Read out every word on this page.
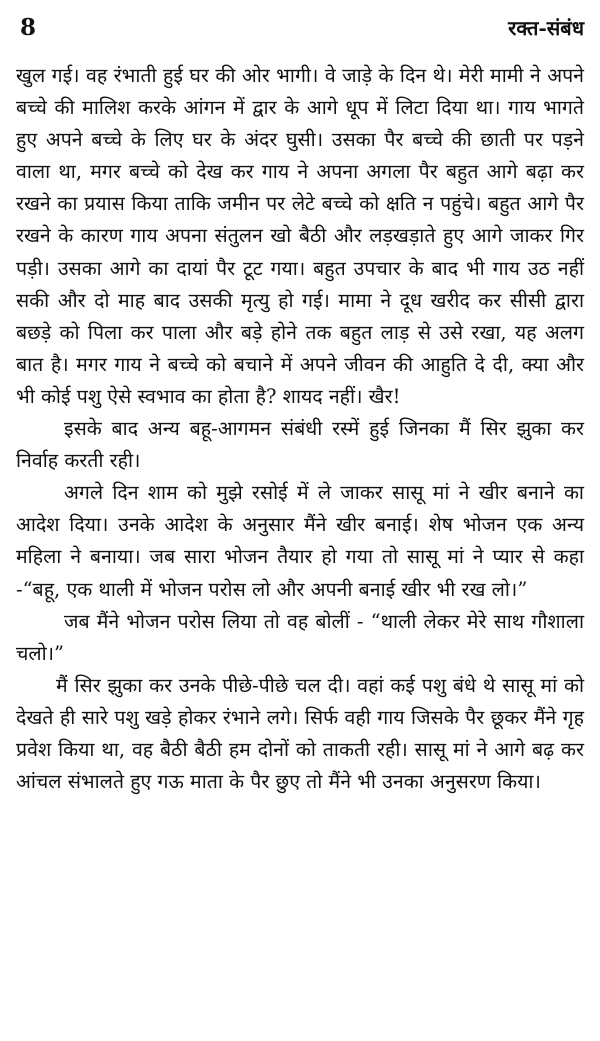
8	रक्त-संबंध

खुल गई। वह रंभाती हुई घर की ओर भागी। वे जाड़े के दिन थे। मेरी मामी ने अपने बच्चे की मालिश करके आंगन में द्वार के आगे धूप में लिटा दिया था। गाय भागते हुए अपने बच्चे के लिए घर के अंदर घुसी। उसका पैर बच्चे की छाती पर पड़ने वाला था, मगर बच्चे को देख कर गाय ने अपना अगला पैर बहुत आगे बढ़ा कर रखने का प्रयास किया ताकि जमीन पर लेटे बच्चे को क्षति न पहुंचे। बहुत आगे पैर रखने के कारण गाय अपना संतुलन खो बैठी और लड़खड़ाते हुए आगे जाकर गिर पड़ी। उसका आगे का दायां पैर टूट गया। बहुत उपचार के बाद भी गाय उठ नहीं सकी और दो माह बाद उसकी मृत्यु हो गई। मामा ने दूध खरीद कर सीसी द्वारा बछड़े को पिला कर पाला और बड़े होने तक बहुत लाड़ से उसे रखा, यह अलग बात है। मगर गाय ने बच्चे को बचाने में अपने जीवन की आहुति दे दी, क्या और भी कोई पशु ऐसे स्वभाव का होता है? शायद नहीं। खैर!

इसके बाद अन्य बहू-आगमन संबंधी रस्में हुई जिनका मैं सिर झुका कर निर्वाह करती रही।

अगले दिन शाम को मुझे रसोई में ले जाकर सासू मां ने खीर बनाने का आदेश दिया। उनके आदेश के अनुसार मैंने खीर बनाई। शेष भोजन एक अन्य महिला ने बनाया। जब सारा भोजन तैयार हो गया तो सासू मां ने प्यार से कहा -“बहू, एक थाली में भोजन परोस लो और अपनी बनाई खीर भी रख लो।”

जब मैंने भोजन परोस लिया तो वह बोलीं - “थाली लेकर मेरे साथ गौशाला चलो।”

मैं सिर झुका कर उनके पीछे-पीछे चल दी। वहां कई पशु बंधे थे सासू मां को देखते ही सारे पशु खड़े होकर रंभाने लगे। सिर्फ वही गाय जिसके पैर छूकर मैंने गृह प्रवेश किया था, वह बैठी बैठी हम दोनों को ताकती रही। सासू मां ने आगे बढ़ कर आंचल संभालते हुए गऊ माता के पैर छुए तो मैंने भी उनका अनुसरण किया।
